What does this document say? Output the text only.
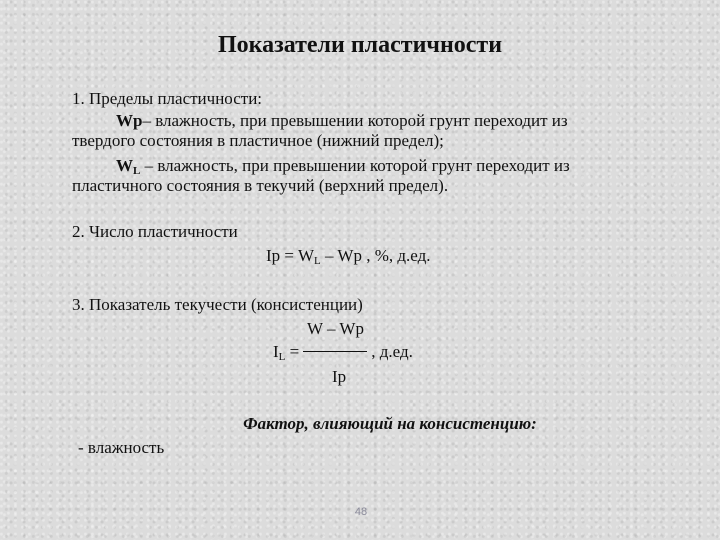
Показатели пластичности
1. Пределы пластичности:
Wp– влажность, при превышении которой грунт переходит из
твердого состояния в пластичное (нижний предел);
$W_L$ – влажность, при превышении которой грунт переходит из
пластичного состояния в текучий (верхний предел).
2. Число пластичности
$Ip = W_L - Wp$ , %, д.ед.
3. Показатель текучести (консистенции)
W – Wp
$I_L$ =	, д.ед.
Ip
Фактор, влияющий на консистенцию:
- влажность
48
